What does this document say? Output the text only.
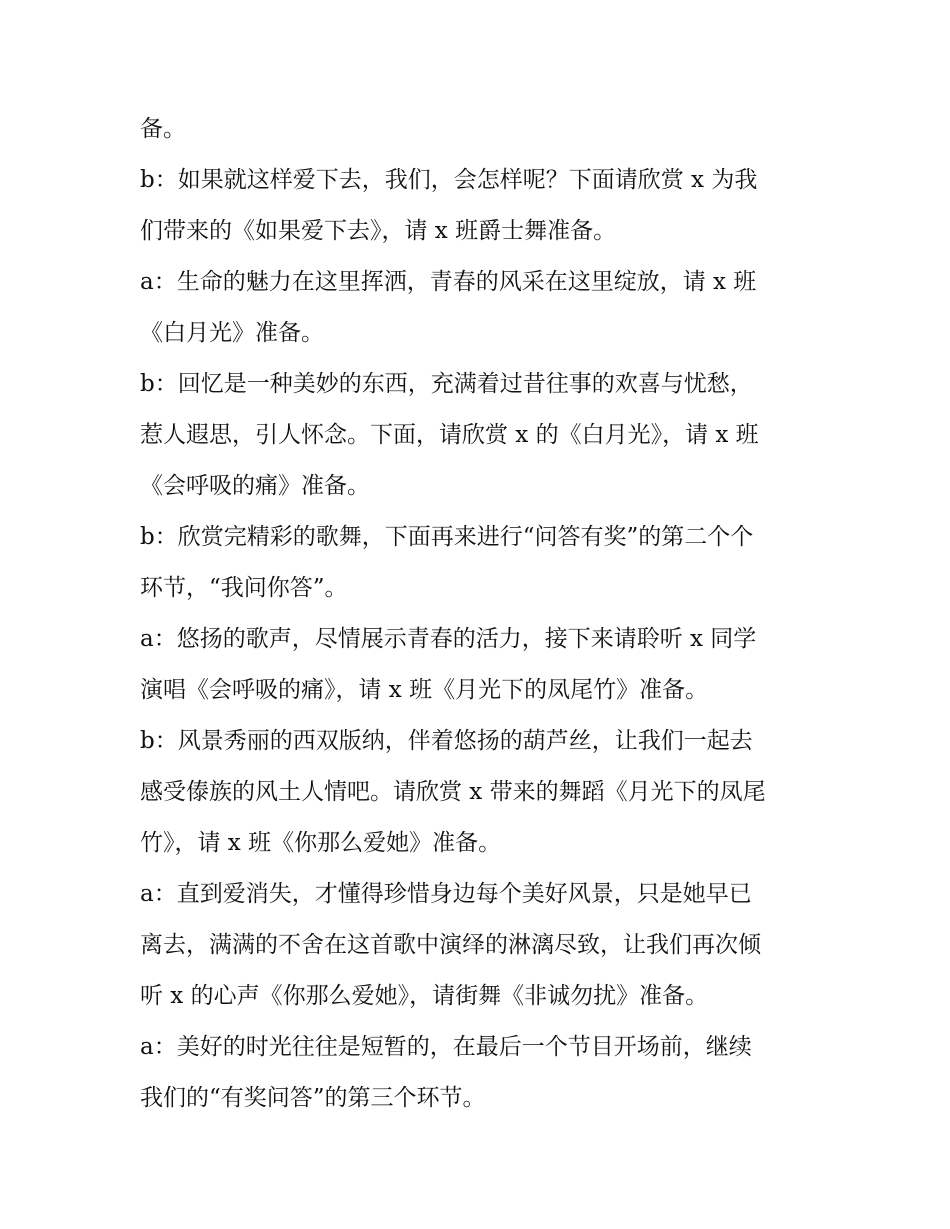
备。
b：如果就这样爱下去，我们，会怎样呢？下面请欣赏 x 为我
们带来的《如果爱下去》，请 x 班爵士舞准备。
a：生命的魅力在这里挥洒，青春的风采在这里绽放，请 x 班
《白月光》准备。
b：回忆是一种美妙的东西，充满着过昔往事的欢喜与忧愁，
惹人遐思，引人怀念。下面，请欣赏 x 的《白月光》，请 x 班
《会呼吸的痛》准备。
b：欣赏完精彩的歌舞，下面再来进行“问答有奖”的第二个个
环节，“我问你答”。
a：悠扬的歌声，尽情展示青春的活力，接下来请聆听 x 同学
演唱《会呼吸的痛》，请 x 班《月光下的凤尾竹》准备。
b：风景秀丽的西双版纳，伴着悠扬的葫芦丝，让我们一起去
感受傣族的风土人情吧。请欣赏 x 带来的舞蹈《月光下的凤尾
竹》，请 x 班《你那么爱她》准备。
a：直到爱消失，才懂得珍惜身边每个美好风景，只是她早已
离去，满满的不舍在这首歌中演绎的淋漓尽致，让我们再次倾
听 x 的心声《你那么爱她》，请街舞《非诚勿扰》准备。
a：美好的时光往往是短暂的，在最后一个节目开场前，继续
我们的“有奖问答”的第三个环节。
